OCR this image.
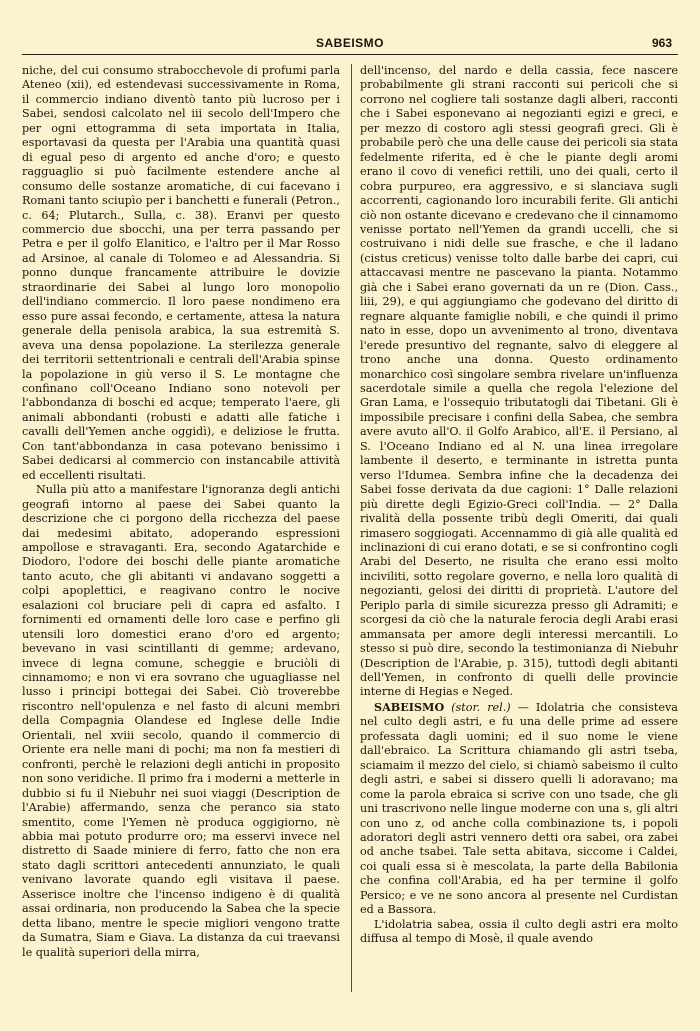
SABEISMO	963

niche, del cui consumo strabocchevole di profumi parla Ateneo (xii), ed estendevasi successivamente in Roma, il commercio indiano diventò tanto più lucroso per i Sabei, sendosi calcolato nel iii secolo dell'Impero che per ogni ettogramma di seta importata in Italia, esportavasi da questa per l'Arabia una quantità quasi di egual peso di argento ed anche d'oro; e questo ragguaglio si può facilmente estendere anche al consumo delle sostanze aromatiche, di cui facevano i Romani tanto sciupìo per i banchetti e funerali (Petron., c. 64; Plutarch., Sulla, c. 38). Eranvi per questo commercio due sbocchi, una per terra passando per Petra e per il golfo Elanitico, e l'altro per il Mar Rosso ad Arsinoe, al canale di Tolomeo e ad Alessandria. Si ponno dunque francamente attribuire le dovizie straordinarie dei Sabei al lungo loro monopolio dell'indiano commercio. Il loro paese nondimeno era esso pure assai fecondo, e certamente, attesa la natura generale della penisola arabica, la sua estremità S. aveva una densa popolazione. La sterilezza generale dei territorii settentrionali e centrali dell'Arabia spinse la popolazione in giù verso il S. Le montagne che confinano coll'Oceano Indiano sono notevoli per l'abbondanza di boschi ed acque; temperato l'aere, gli animali abbondanti (robusti e adatti alle fatiche i cavalli dell'Yemen anche oggidì), e deliziose le frutta. Con tant'abbondanza in casa potevano benissimo i Sabei dedicarsi al commercio con instancabile attività ed eccellenti risultati.

Nulla più atto a manifestare l'ignoranza degli antichi geografi intorno al paese dei Sabei quanto la descrizione che ci porgono della ricchezza del paese dai medesimi abitato, adoperando espressioni ampollose e stravaganti. Era, secondo Agatarchide e Diodoro, l'odore dei boschi delle piante aromatiche tanto acuto, che gli abitanti vi andavano soggetti a colpi apoplettici, e reagivano contro le nocive esalazioni col bruciare peli di capra ed asfalto. I fornimenti ed ornamenti delle loro case e perfino gli utensili loro domestici erano d'oro ed argento; bevevano in vasi scintillanti di gemme; ardevano, invece di legna comune, scheggie e bruciòli di cinnamomo; e non vi era sovrano che uguagliasse nel lusso i principi bottegai dei Sabei. Ciò troverebbe riscontro nell'opulenza e nel fasto di alcuni membri della Compagnia Olandese ed Inglese delle Indie Orientali, nel xviii secolo, quando il commercio di Oriente era nelle mani di pochi; ma non fa mestieri di confronti, perchè le relazioni degli antichi in proposito non sono veridiche. Il primo fra i moderni a metterle in dubbio si fu il Niebuhr nei suoi viaggi (Description de l'Arabie) affermando, senza che peranco sia stato smentito, come l'Yemen nè produca oggigiorno, nè abbia mai potuto produrre oro; ma esservi invece nel distretto di Saade miniere di ferro, fatto che non era stato dagli scrittori antecedenti annunziato, le quali venivano lavorate quando egli visitava il paese. Asserisce inoltre che l'incenso indigeno è di qualità assai ordinaria, non producendo la Sabea che la specie detta libano, mentre le specie migliori vengono tratte da Sumatra, Siam e Giava. La distanza da cui traevansi le qualità superiori della mirra,

dell'incenso, del nardo e della cassia, fece nascere probabilmente gli strani racconti sui pericoli che si corrono nel cogliere tali sostanze dagli alberi, racconti che i Sabei esponevano ai negozianti egizi e greci, e per mezzo di costoro agli stessi geografi greci. Gli è probabile però che una delle cause dei pericoli sia stata fedelmente riferita, ed è che le piante degli aromi erano il covo di venefici rettili, uno dei quali, certo il cobra purpureo, era aggressivo, e si slanciava sugli accorrenti, cagionando loro incurabili ferite. Gli antichi ciò non ostante dicevano e credevano che il cinnamomo venisse portato nell'Yemen da grandi uccelli, che si costruivano i nidi delle sue frasche, e che il ladano (cistus creticus) venisse tolto dalle barbe dei capri, cui attaccavasi mentre ne pascevano la pianta. Notammo già che i Sabei erano governati da un re (Dion. Cass., liii, 29), e qui aggiungiamo che godevano del diritto di regnare alquante famiglie nobili, e che quindi il primo nato in esse, dopo un avvenimento al trono, diventava l'erede presuntivo del regnante, salvo di eleggere al trono anche una donna. Questo ordinamento monarchico così singolare sembra rivelare un'influenza sacerdotale simile a quella che regola l'elezione del Gran Lama, e l'ossequio tributatogli dai Tibetani. Gli è impossibile precisare i confini della Sabea, che sembra avere avuto all'O. il Golfo Arabico, all'E. il Persiano, al S. l'Oceano Indiano ed al N. una linea irregolare lambente il deserto, e terminante in istretta punta verso l'Idumea. Sembra infine che la decadenza dei Sabei fosse derivata da due cagioni: 1° Dalle relazioni più dirette degli Egizio-Greci coll'India. — 2° Dalla rivalità della possente tribù degli Omeriti, dai quali rimasero soggiogati. Accennammo di già alle qualità ed inclinazioni di cui erano dotati, e se si confrontino cogli Arabi del Deserto, ne risulta che erano essi molto inciviliti, sotto regolare governo, e nella loro qualità di negozianti, gelosi dei diritti di proprietà. L'autore del Periplo parla di simile sicurezza presso gli Adramiti; e scorgesi da ciò che la naturale ferocia degli Arabi erasi ammansata per amore degli interessi mercantili. Lo stesso si può dire, secondo la testimonianza di Niebuhr (Description de l'Arabie, p. 315), tuttodì degli abitanti dell'Yemen, in confronto di quelli delle provincie interne di Hegias e Neged.

SABEISMO (stor. rel.) — Idolatria che consisteva nel culto degli astri, e fu una delle prime ad essere professata dagli uomini; ed il suo nome le viene dall'ebraico. La Scrittura chiamando gli astri tseba, sciamaim il mezzo del cielo, si chiamò sabeismo il culto degli astri, e sabei si dissero quelli li adoravano; ma come la parola ebraica si scrive con uno tsade, che gli uni trascrivono nelle lingue moderne con una s, gli altri con uno z, od anche colla combinazione ts, i popoli adoratori degli astri vennero detti ora sabei, ora zabei od anche tsabei. Tale setta abitava, siccome i Caldei, coi quali essa si è mescolata, la parte della Babilonia che confina coll'Arabia, ed ha per termine il golfo Persico; e ve ne sono ancora al presente nel Curdistan ed a Bassora.

L'idolatria sabea, ossia il culto degli astri era molto diffusa al tempo di Mosè, il quale avendo
